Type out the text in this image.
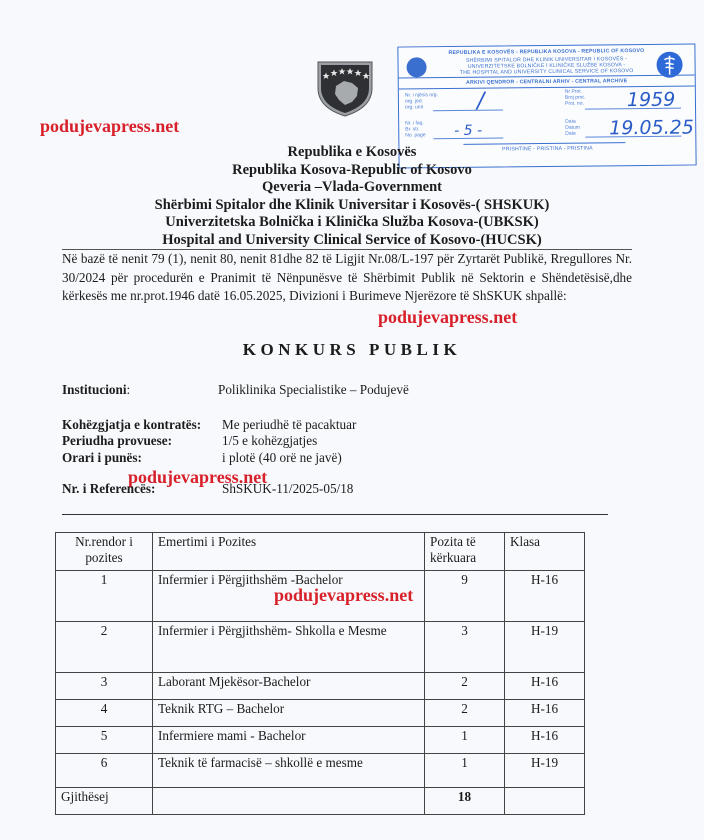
podujevapress.net
podujevapress.net
podujevapress.net
REPUBLIKA E KOSOVËS - REPUBLIKA KOSOVA - REPUBLIC OF KOSOVO
SHËRBIMI SPITALOR DHE KLINIK UNIVERSITAR I KOSOVËS -
UNIVERZITETSKE BOLNIČKE I KLINIČKE SLUŽBE KOSOVA -
THE HOSPITAL AND UNIVERSITY CLINICAL SERVICE OF KOSOVO
ARKIVI QENDROR - CENTRALNI ARHIV - CENTRAL ARCHIVE
Nr. i njësis org.
org. jed.
org. unit	/
Nr. i faq.
Br. str.
No. page - 5 -
Nr Prot.
Broj prot.
Prot. no. 1959
Data
Datum
Date 19.05.25
PRISHTINË - PRISTINA - PRISTINA
Republika e Kosovës
Republika Kosova-Republic of Kosovo
Qeveria –Vlada-Government
Shërbimi Spitalor dhe Klinik Universitar i Kosovës-( SHSKUK)
Univerzitetska Bolnička i Klinička Služba Kosova-(UBKSK)
Hospital and University Clinical Service of Kosovo-(HUCSK)
Në bazë të nenit 79 (1), nenit 80, nenit 81dhe 82 të Ligjit Nr.08/L-197 për Zyrtarët Publikë, Rregullores Nr. 30/2024 për procedurën e Pranimit të Nënpunësve të Shërbimit Publik në Sektorin e Shëndetësisë,dhe kërkesës me nr.prot.1946 datë 16.05.2025, Divizioni i Burimeve Njerëzore të ShSKUK shpallë:
KONKURS PUBLIK
Institucioni:	Poliklinika Specialistike – Podujevë
Kohëzgjatja e kontratës: Me periudhë të pacaktuar
Periudha provuese:	1/5 e kohëzgjatjes
Orari i punës:	i plotë (40 orë ne javë)
Nr. i Referencës:	ShSKUK-11/2025-05/18
Nr.rendor i pozites	Emertimi i Pozites	Pozita të kërkuara	Klasa
1	Infermier i Përgjithshëm -Bachelor	9	H-16
2	Infermier i Përgjithshëm- Shkolla e Mesme	3	H-19
3	Laborant Mjekësor-Bachelor	2	H-16
4	Teknik RTG – Bachelor	2	H-16
5	Infermiere mami - Bachelor	1	H-16
6	Teknik të farmacisë – shkollë e mesme	1	H-19
Gjithësej		18	
podujevapress.net
